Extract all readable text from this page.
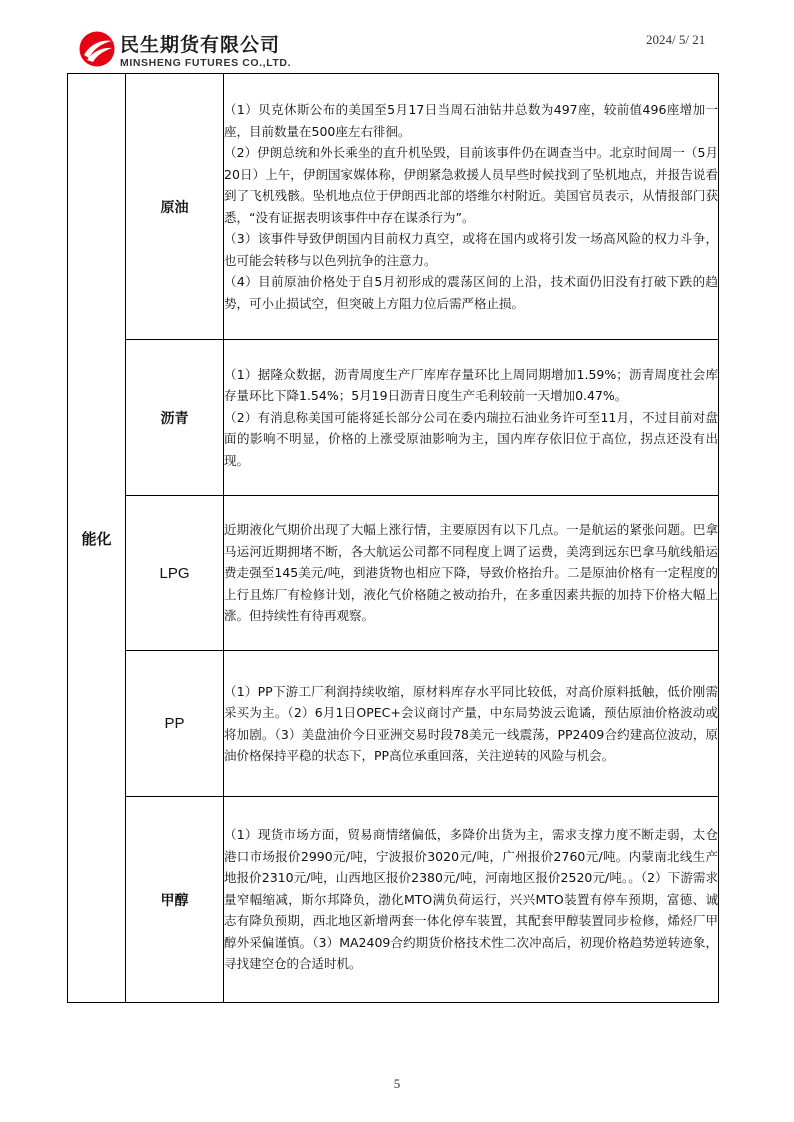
民生期货有限公司
MINSHENG FUTURES CO.,LTD.
2024/ 5/ 21
能化	原油	（1）贝克休斯公布的美国至5月17日当周石油钻井总数为497座，较前值496座增加一座，目前数量在500座左右徘徊。

（2）伊朗总统和外长乘坐的直升机坠毁，目前该事件仍在调查当中。北京时间周一（5月20日）上午，伊朗国家媒体称，伊朗紧急救援人员早些时候找到了坠机地点，并报告说看到了飞机残骸。坠机地点位于伊朗西北部的塔维尔村附近。美国官员表示，从情报部门获悉，“没有证据表明该事件中存在谋杀行为”。

（3）该事件导致伊朗国内目前权力真空，或将在国内或将引发一场高风险的权力斗争，也可能会转移与以色列抗争的注意力。

（4）目前原油价格处于自5月初形成的震荡区间的上沿，技术面仍旧没有打破下跌的趋势，可小止损试空，但突破上方阻力位后需严格止损。

	沥青	（1）据隆众数据，沥青周度生产厂库库存量环比上周同期增加1.59%；沥青周度社会库存量环比下降1.54%；5月19日沥青日度生产毛利较前一天增加0.47%。

（2）有消息称美国可能将延长部分公司在委内瑞拉石油业务许可至11月，不过目前对盘面的影响不明显，价格的上涨受原油影响为主，国内库存依旧位于高位，拐点还没有出现。

	LPG	近期液化气期价出现了大幅上涨行情，主要原因有以下几点。一是航运的紧张问题。巴拿马运河近期拥堵不断，各大航运公司都不同程度上调了运费，美湾到远东巴拿马航线船运费走强至145美元/吨，到港货物也相应下降，导致价格抬升。二是原油价格有一定程度的上行且炼厂有检修计划，液化气价格随之被动抬升，在多重因素共振的加持下价格大幅上涨。但持续性有待再观察。

	PP	（1）PP下游工厂利润持续收缩，原材料库存水平同比较低，对高价原料抵触，低价刚需采买为主。（2）6月1日OPEC+会议商讨产量，中东局势波云诡谲，预估原油价格波动或将加剧。（3）美盘油价今日亚洲交易时段78美元一线震荡，PP2409合约建高位波动，原油价格保持平稳的状态下，PP高位承重回落，关注逆转的风险与机会。

	甲醇	（1）现货市场方面，贸易商情绪偏低，多降价出货为主，需求支撑力度不断走弱，太仓港口市场报价2990元/吨，宁波报价3020元/吨，广州报价2760元/吨。内蒙南北线生产地报价2310元/吨，山西地区报价2380元/吨，河南地区报价2520元/吨。。（2）下游需求量窄幅缩减，斯尔邦降负，渤化MTO满负荷运行，兴兴MTO装置有停车预期，富德、诚志有降负预期，西北地区新增两套一体化停车装置，其配套甲醇装置同步检修，烯烃厂甲醇外采偏谨慎。（3）MA2409合约期货价格技术性二次冲高后，初现价格趋势逆转迹象，寻找建空仓的合适时机。

5
